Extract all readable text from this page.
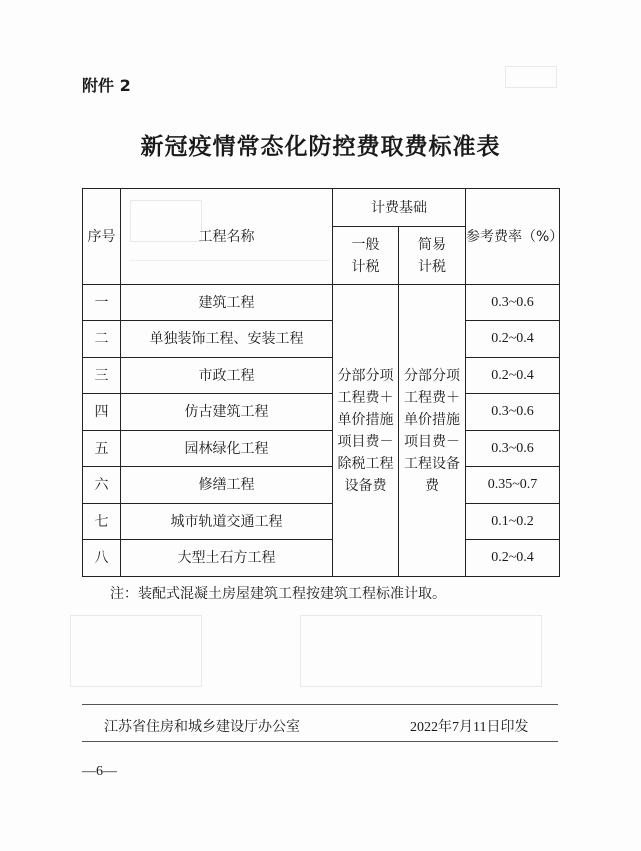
附件 2
新冠疫情常态化防控费取费标准表
序号	工程名称	计费基础		参考费率（%）
		一般计税	简易计税	
一	建筑工程	分部分项工程费＋单价措施项目费－除税工程设备费	分部分项工程费＋单价措施项目费－工程设备费	0.3~0.6
二	单独装饰工程、安装工程			0.2~0.4
三	市政工程			0.2~0.4
四	仿古建筑工程			0.3~0.6
五	园林绿化工程			0.3~0.6
六	修缮工程			0.35~0.7
七	城市轨道交通工程			0.1~0.2
八	大型土石方工程			0.2~0.4
注：装配式混凝土房屋建筑工程按建筑工程标准计取。
江苏省住房和城乡建设厅办公室	2022年7月11日印发
—6—
